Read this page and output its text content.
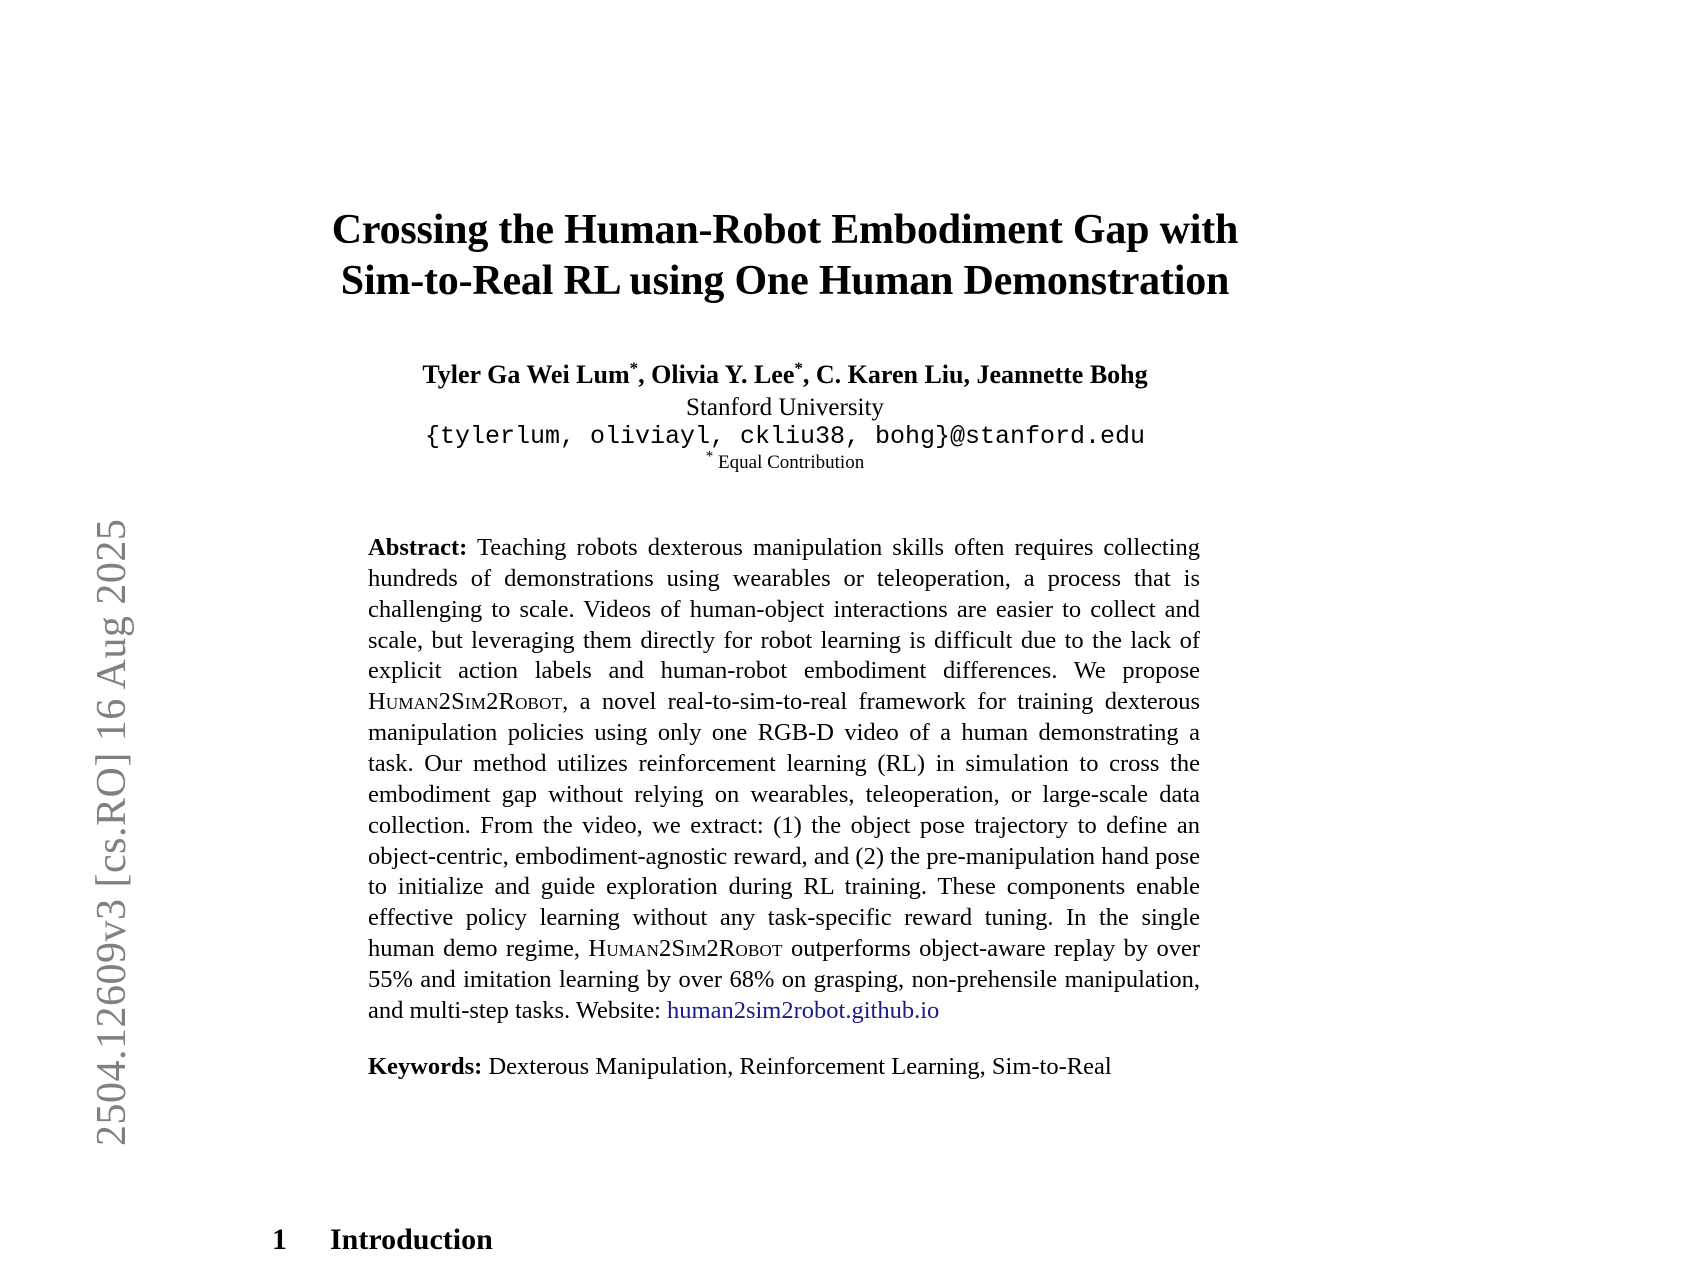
2504.12609v3 [cs.RO] 16 Aug 2025
Crossing the Human-Robot Embodiment Gap with
Sim-to-Real RL using One Human Demonstration
Tyler Ga Wei Lum*, Olivia Y. Lee*, C. Karen Liu, Jeannette Bohg
Stanford University
{tylerlum, oliviayl, ckliu38, bohg}@stanford.edu
* Equal Contribution
Abstract: Teaching robots dexterous manipulation skills often requires collecting hundreds of demonstrations using wearables or teleoperation, a process that is challenging to scale. Videos of human-object interactions are easier to collect and scale, but leveraging them directly for robot learning is difficult due to the lack of explicit action labels and human-robot embodiment differences. We propose Human2Sim2Robot, a novel real-to-sim-to-real framework for training dexterous manipulation policies using only one RGB-D video of a human demonstrating a task. Our method utilizes reinforcement learning (RL) in simulation to cross the embodiment gap without relying on wearables, teleoperation, or large-scale data collection. From the video, we extract: (1) the object pose trajectory to define an object-centric, embodiment-agnostic reward, and (2) the pre-manipulation hand pose to initialize and guide exploration during RL training. These components enable effective policy learning without any task-specific reward tuning. In the single human demo regime, Human2Sim2Robot outperforms object-aware replay by over 55% and imitation learning by over 68% on grasping, non-prehensile manipulation, and multi-step tasks. Website: human2sim2robot.github.io
Keywords: Dexterous Manipulation, Reinforcement Learning, Sim-to-Real
1 Introduction
